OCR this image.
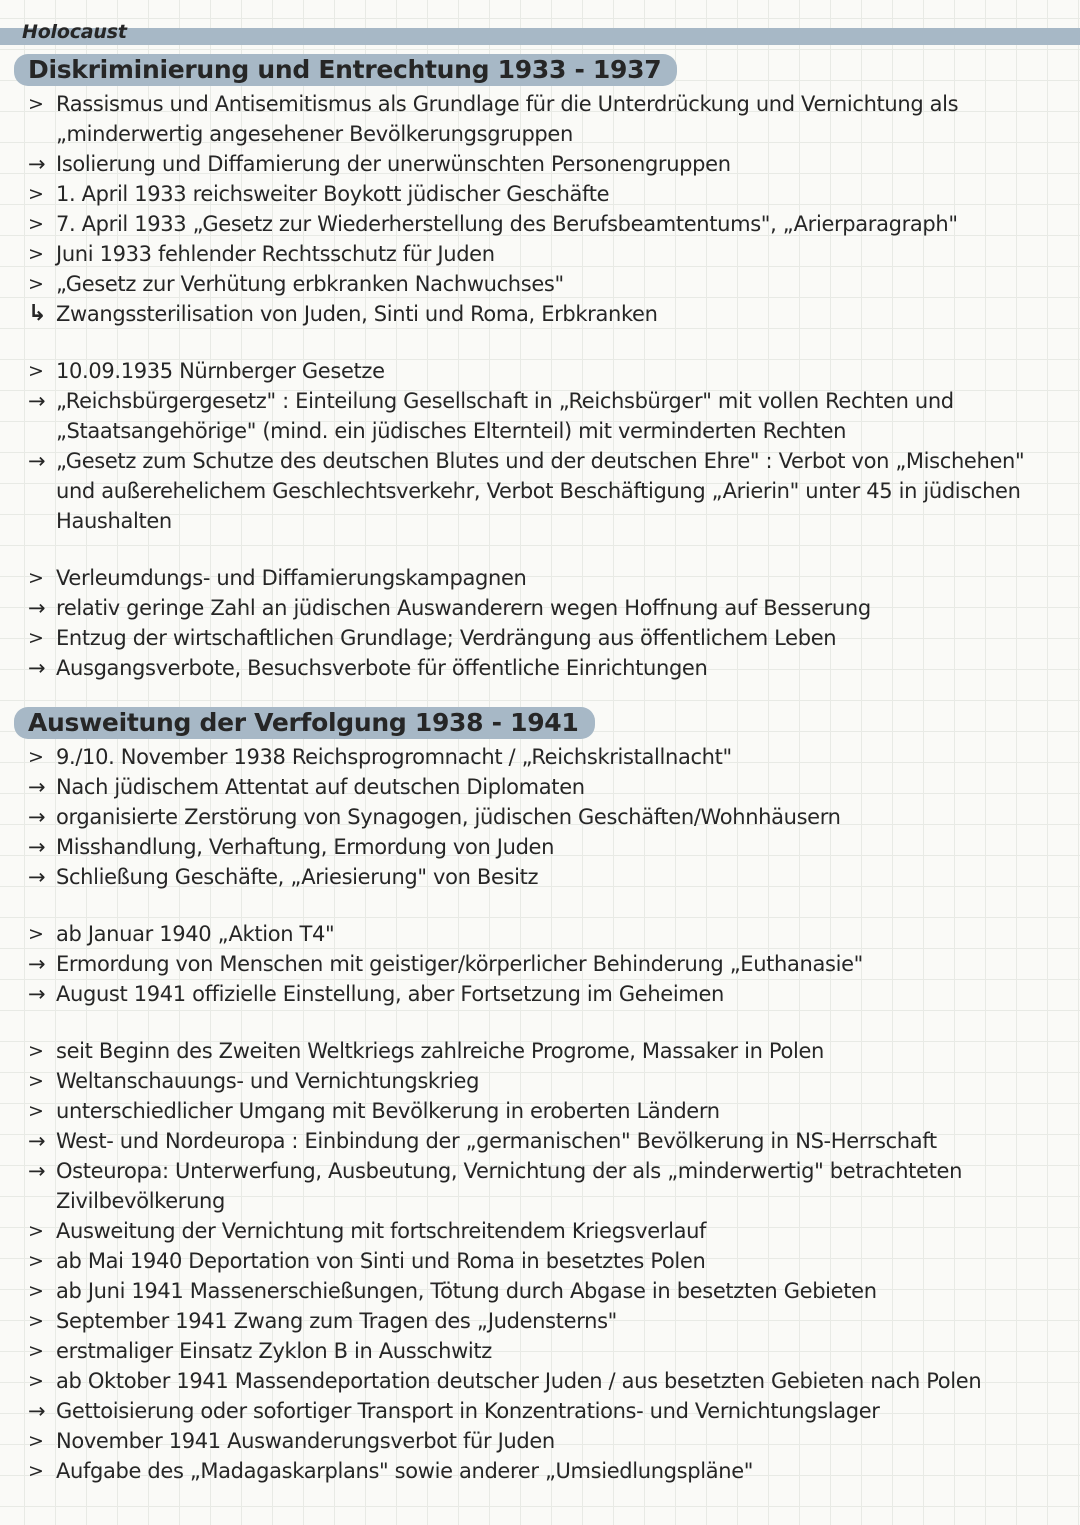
Holocaust
Diskriminierung und Entrechtung 1933 - 1937
> Rassismus und Antisemitismus als Grundlage für die Unterdrückung und Vernichtung als „minderwertig angesehener Bevölkerungsgruppen
→ Isolierung und Diffamierung der unerwünschten Personengruppen
> 1. April 1933 reichsweiter Boykott jüdischer Geschäfte
> 7. April 1933 „Gesetz zur Wiederherstellung des Berufsbeamtentums", „Arierparagraph"
> Juni 1933 fehlender Rechtsschutz für Juden
> „Gesetz zur Verhütung erbkranken Nachwuchses"
↳ Zwangssterilisation von Juden, Sinti und Roma, Erbkranken
> 10.09.1935 Nürnberger Gesetze
→ „Reichsbürgergesetz" : Einteilung Gesellschaft in „Reichsbürger" mit vollen Rechten und „Staatsangehörige" (mind. ein jüdisches Elternteil) mit verminderten Rechten
→ „Gesetz zum Schutze des deutschen Blutes und der deutschen Ehre" : Verbot von „Mischehen" und außerehelichem Geschlechtsverkehr, Verbot Beschäftigung „Arierin" unter 45 in jüdischen Haushalten
> Verleumdungs- und Diffamierungskampagnen
→ relativ geringe Zahl an jüdischen Auswanderern wegen Hoffnung auf Besserung
> Entzug der wirtschaftlichen Grundlage; Verdrängung aus öffentlichem Leben
→ Ausgangsverbote, Besuchsverbote für öffentliche Einrichtungen
Ausweitung der Verfolgung 1938 - 1941
> 9./10. November 1938 Reichsprogromnacht / „Reichskristallnacht"
→ Nach jüdischem Attentat auf deutschen Diplomaten
→ organisierte Zerstörung von Synagogen, jüdischen Geschäften/Wohnhäusern
→ Misshandlung, Verhaftung, Ermordung von Juden
→ Schließung Geschäfte, „Ariesierung" von Besitz
> ab Januar 1940 „Aktion T4"
→ Ermordung von Menschen mit geistiger/körperlicher Behinderung „Euthanasie"
→ August 1941 offizielle Einstellung, aber Fortsetzung im Geheimen
> seit Beginn des Zweiten Weltkriegs zahlreiche Progrome, Massaker in Polen
> Weltanschauungs- und Vernichtungskrieg
> unterschiedlicher Umgang mit Bevölkerung in eroberten Ländern
→ West- und Nordeuropa : Einbindung der „germanischen" Bevölkerung in NS-Herrschaft
→ Osteuropa: Unterwerfung, Ausbeutung, Vernichtung der als „minderwertig" betrachteten Zivilbevölkerung
> Ausweitung der Vernichtung mit fortschreitendem Kriegsverlauf
> ab Mai 1940 Deportation von Sinti und Roma in besetztes Polen
> ab Juni 1941 Massenerschießungen, Tötung durch Abgase in besetzten Gebieten
> September 1941 Zwang zum Tragen des „Judensterns"
> erstmaliger Einsatz Zyklon B in Ausschwitz
> ab Oktober 1941 Massendeportation deutscher Juden / aus besetzten Gebieten nach Polen
→ Gettoisierung oder sofortiger Transport in Konzentrations- und Vernichtungslager
> November 1941 Auswanderungsverbot für Juden
> Aufgabe des „Madagaskarplans" sowie anderer „Umsiedlungspläne"
